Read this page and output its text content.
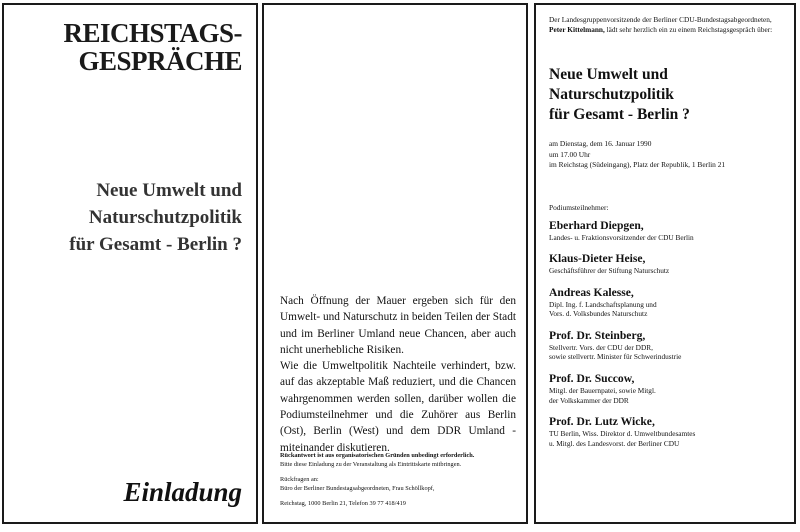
REICHSTAGS-
GESPRÄCHE
Neue Umwelt und
Naturschutzpolitik
für Gesamt - Berlin ?
Einladung

Nach Öffnung der Mauer ergeben sich für den Umwelt- und Naturschutz in beiden Teilen der Stadt und im Berliner Umland neue Chancen, aber auch nicht unerhebliche Risiken.

Wie die Umweltpolitik Nachteile verhindert, bzw. auf das akzeptable Maß reduziert, und die Chancen wahrgenommen werden sollen, darüber wollen die Podiumsteilnehmer und die Zuhörer aus Berlin (Ost), Berlin (West) und dem DDR Umland - miteinander diskutieren.

Rückantwort ist aus organisatorischen Gründen unbedingt erforderlich.
Bitte diese Einladung zu der Veranstaltung als Eintrittskarte mitbringen.
Rückfragen an:
Büro der Berliner Bundestagsabgeordneten, Frau Schöllkopf,
Reichstag, 1000 Berlin 21, Telefon 39 77 418/419
Der Landesgruppenvorsitzende der Berliner CDU-Bundestagsabgeordneten, Peter Kittelmann, lädt sehr herzlich ein zu einem Reichstagsgespräch über:
Neue Umwelt und
Naturschutzpolitik
für Gesamt - Berlin ?
am Dienstag, dem 16. Januar 1990
um 17.00 Uhr
im Reichstag (Südeingang), Platz der Republik, 1 Berlin 21
Podiumsteilnehmer:
Eberhard Diepgen,
Landes- u. Fraktionsvorsitzender der CDU Berlin
Klaus-Dieter Heise,
Geschäftsführer der Stiftung Naturschutz
Andreas Kalesse,
Dipl. Ing. f. Landschaftsplanung und
Vors. d. Volksbundes Naturschutz
Prof. Dr. Steinberg,
Stellvertr. Vors. der CDU der DDR,
sowie stellvertr. Minister für Schwerindustrie
Prof. Dr. Succow,
Mitgl. der Bauernpatei, sowie Mitgl.
der Volkskammer der DDR
Prof. Dr. Lutz Wicke,
TU Berlin, Wiss. Direktor d. Umweltbundesamtes
u. Mitgl. des Landesvorst. der Berliner CDU
